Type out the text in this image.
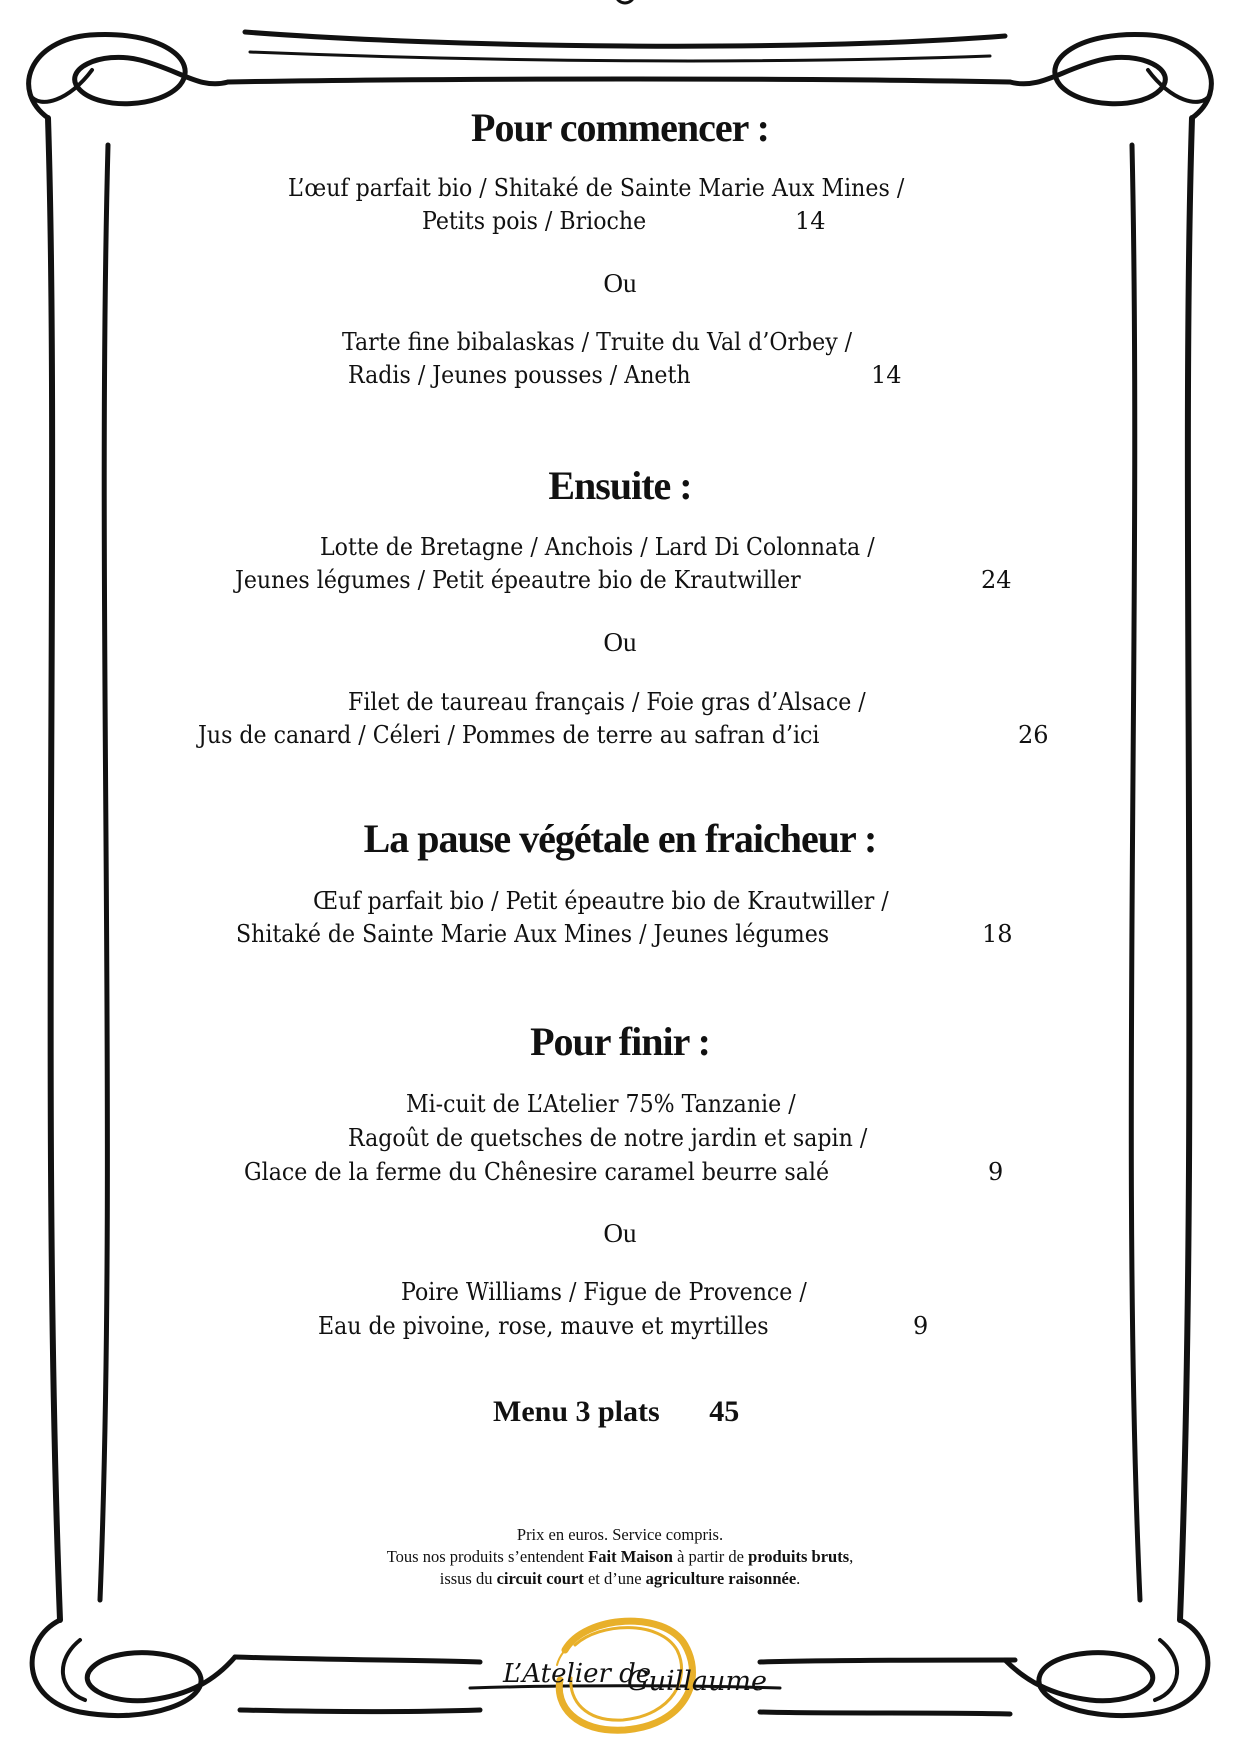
Pour commencer :
L’œuf parfait bio / Shitaké de Sainte Marie Aux Mines /
Petits pois / Brioche	14
Ou
Tarte fine bibalaskas / Truite du Val d’Orbey /
Radis / Jeunes pousses / Aneth	14
Ensuite :
Lotte de Bretagne / Anchois / Lard Di Colonnata /
Jeunes légumes / Petit épeautre bio de Krautwiller	24
Ou
Filet de taureau français / Foie gras d’Alsace /
Jus de canard / Céleri / Pommes de terre au safran d’ici	26
La pause végétale en fraicheur :
Œuf parfait bio / Petit épeautre bio de Krautwiller /
Shitaké de Sainte Marie Aux Mines / Jeunes légumes	18
Pour finir :
Mi-cuit de L’Atelier 75% Tanzanie /
Ragoût de quetsches de notre jardin et sapin /
Glace de la ferme du Chênesire caramel beurre salé	9
Ou
Poire Williams / Figue de Provence /
Eau de pivoine, rose, mauve et myrtilles	9
Menu 3 plats 45
Prix en euros. Service compris.
Tous nos produits s’entendent Fait Maison à partir de produits bruts,
issus du circuit court et d’une agriculture raisonnée.
L’Atelier de
Guillaume
